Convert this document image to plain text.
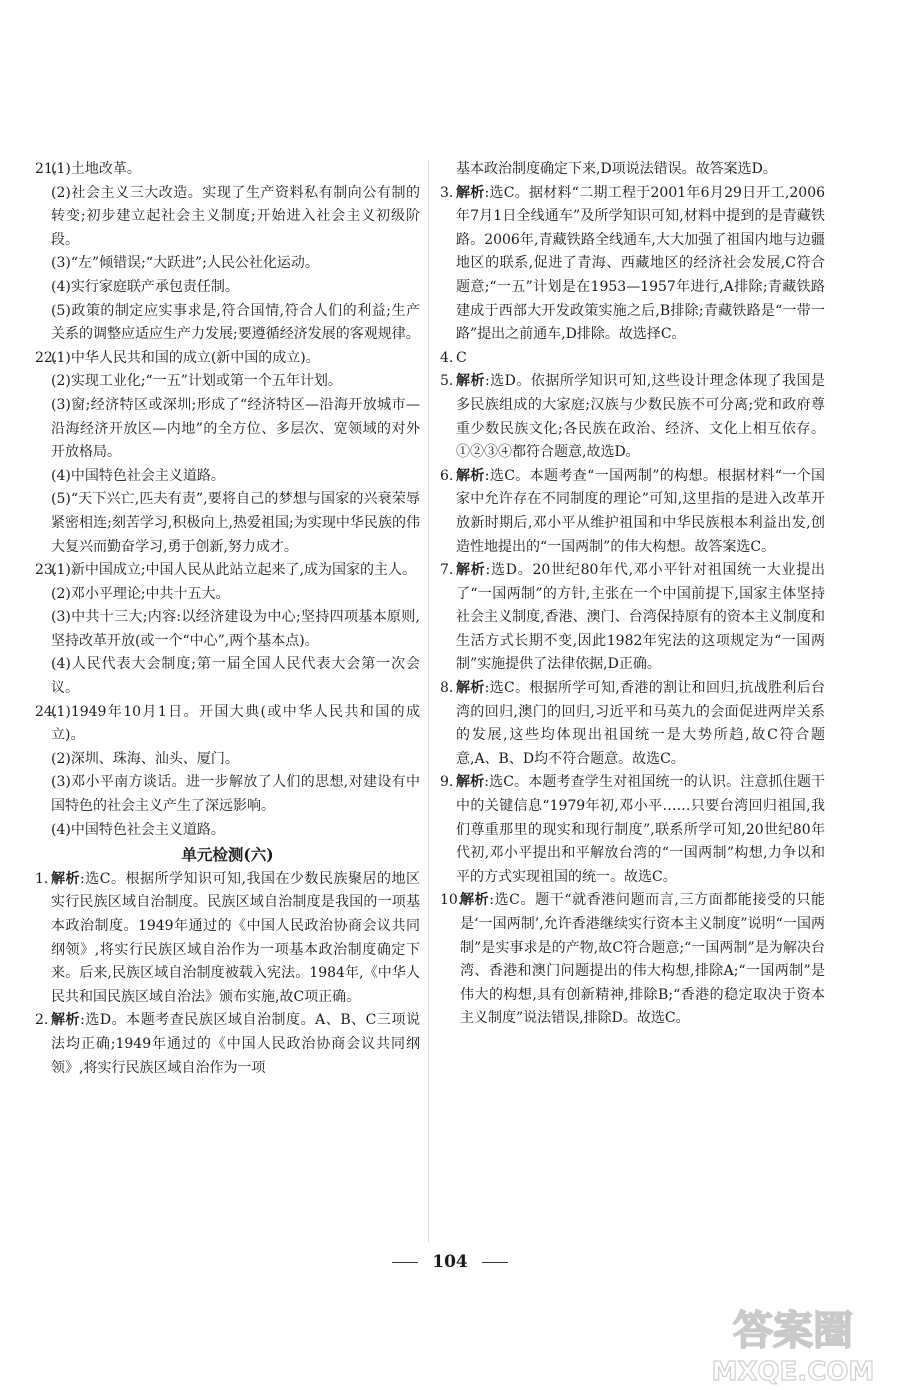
21.

(1)土地改革。

(2)社会主义三大改造。实现了生产资料私有制向公有制的转变;初步建立起社会主义制度;开始进入社会主义初级阶段。

(3)“左”倾错误;“大跃进”;人民公社化运动。

(4)实行家庭联产承包责任制。

(5)政策的制定应实事求是,符合国情,符合人们的利益;生产关系的调整应适应生产力发展;要遵循经济发展的客观规律。

22.

(1)中华人民共和国的成立(新中国的成立)。

(2)实现工业化;“一五”计划或第一个五年计划。

(3)窗;经济特区或深圳;形成了“经济特区—沿海开放城市—沿海经济开放区—内地”的全方位、多层次、宽领域的对外开放格局。

(4)中国特色社会主义道路。

(5)“天下兴亡,匹夫有责”,要将自己的梦想与国家的兴衰荣辱紧密相连;刻苦学习,积极向上,热爱祖国;为实现中华民族的伟大复兴而勤奋学习,勇于创新,努力成才。

23.

(1)新中国成立;中国人民从此站立起来了,成为国家的主人。

(2)邓小平理论;中共十五大。

(3)中共十三大;内容:以经济建设为中心;坚持四项基本原则,坚持改革开放(或一个“中心”,两个基本点)。

(4)人民代表大会制度;第一届全国人民代表大会第一次会议。

24.

(1)1949年10月1日。开国大典(或中华人民共和国的成立)。

(2)深圳、珠海、汕头、厦门。

(3)邓小平南方谈话。进一步解放了人们的思想,对建设有中国特色的社会主义产生了深远影响。

(4)中国特色社会主义道路。

单元检测(六)
1. 解析:选C。根据所学知识可知,我国在少数民族聚居的地区实行民族区域自治制度。民族区域自治制度是我国的一项基本政治制度。1949年通过的《中国人民政治协商会议共同纲领》,将实行民族区域自治作为一项基本政治制度确定下来。后来,民族区域自治制度被载入宪法。1984年,《中华人民共和国民族区域自治法》颁布实施,故C项正确。

2. 解析:选D。本题考查民族区域自治制度。A、B、C三项说法均正确;1949年通过的《中国人民政治协商会议共同纲领》,将实行民族区域自治作为一项

基本政治制度确定下来,D项说法错误。故答案选D。

3. 解析:选C。据材料“二期工程于2001年6月29日开工,2006年7月1日全线通车”及所学知识可知,材料中提到的是青藏铁路。2006年,青藏铁路全线通车,大大加强了祖国内地与边疆地区的联系,促进了青海、西藏地区的经济社会发展,C符合题意;“一五”计划是在1953—1957年进行,A排除;青藏铁路建成于西部大开发政策实施之后,B排除;青藏铁路是“一带一路”提出之前通车,D排除。故选择C。

4. C

5. 解析:选D。依据所学知识可知,这些设计理念体现了我国是多民族组成的大家庭;汉族与少数民族不可分离;党和政府尊重少数民族文化;各民族在政治、经济、文化上相互依存。①②③④都符合题意,故选D。

6. 解析:选C。本题考查“一国两制”的构想。根据材料“一个国家中允许存在不同制度的理论”可知,这里指的是进入改革开放新时期后,邓小平从维护祖国和中华民族根本利益出发,创造性地提出的“一国两制”的伟大构想。故答案选C。

7. 解析:选D。20世纪80年代,邓小平针对祖国统一大业提出了“一国两制”的方针,主张在一个中国前提下,国家主体坚持社会主义制度,香港、澳门、台湾保持原有的资本主义制度和生活方式长期不变,因此1982年宪法的这项规定为“一国两制”实施提供了法律依据,D正确。

8. 解析:选C。根据所学可知,香港的割让和回归,抗战胜利后台湾的回归,澳门的回归,习近平和马英九的会面促进两岸关系的发展,这些均体现出祖国统一是大势所趋,故C符合题意,A、B、D均不符合题意。故选C。

9. 解析:选C。本题考查学生对祖国统一的认识。注意抓住题干中的关键信息“1979年初,邓小平……只要台湾回归祖国,我们尊重那里的现实和现行制度”,联系所学可知,20世纪80年代初,邓小平提出和平解放台湾的“一国两制”构想,力争以和平的方式实现祖国的统一。故选C。

10.

解析:选C。题干“就香港问题而言,三方面都能接受的只能是‘一国两制’,允许香港继续实行资本主义制度”说明“一国两制”是实事求是的产物,故C符合题意;“一国两制”是为解决台湾、香港和澳门问题提出的伟大构想,排除A;“一国两制”是伟大的构想,具有创新精神,排除B;“香港的稳定取决于资本主义制度”说法错误,排除D。故选C。

104
答案圈
MXQE.COM
